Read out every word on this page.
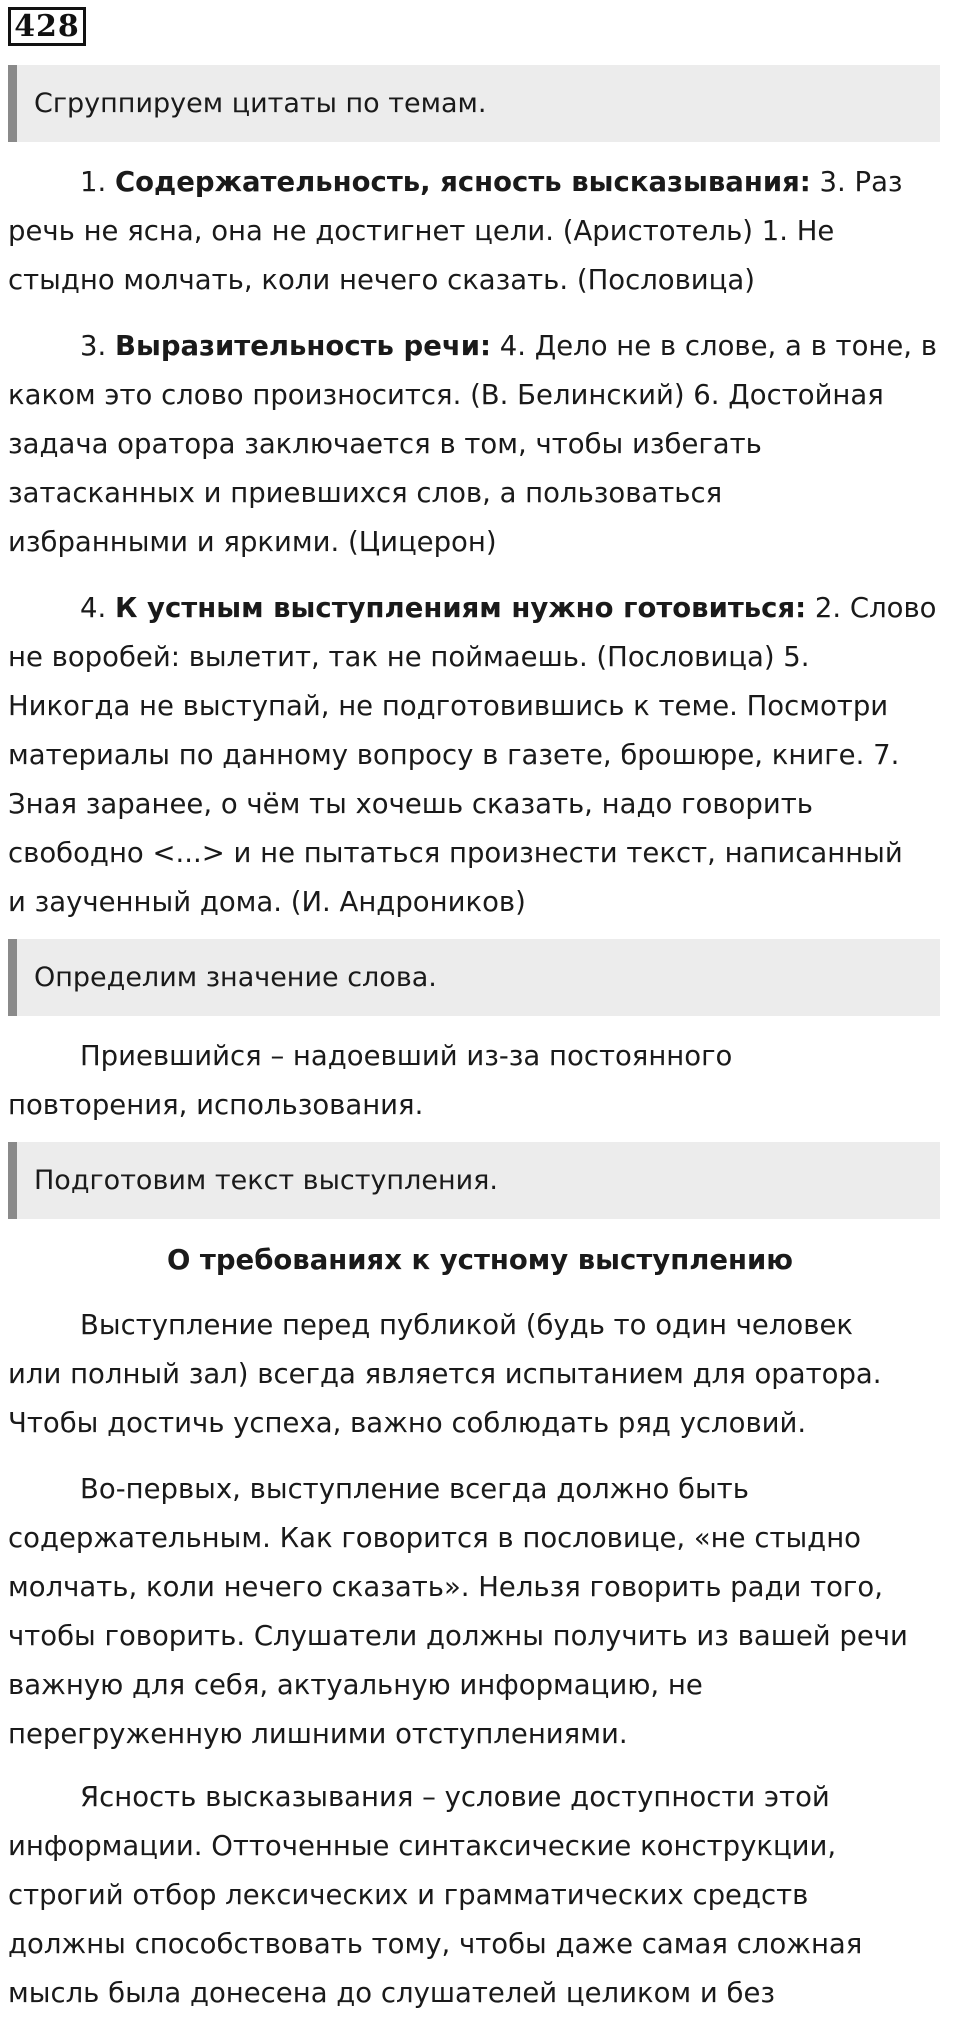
428
Сгруппируем цитаты по темам.
1. Содержательность, ясность высказывания: 3. Раз
речь не ясна, она не достигнет цели. (Аристотель) 1. Не
стыдно молчать, коли нечего сказать. (Пословица)
3. Выразительность речи: 4. Дело не в слове, а в тоне, в
каком это слово произносится. (В. Белинский) 6. Достойная
задача оратора заключается в том, чтобы избегать
затасканных и приевшихся слов, а пользоваться
избранными и яркими. (Цицерон)
4. К устным выступлениям нужно готовиться: 2. Слово
не воробей: вылетит, так не поймаешь. (Пословица) 5.
Никогда не выступай, не подготовившись к теме. Посмотри
материалы по данному вопросу в газете, брошюре, книге. 7.
Зная заранее, о чём ты хочешь сказать, надо говорить
свободно <...> и не пытаться произнести текст, написанный
и заученный дома. (И. Андроников)
Определим значение слова.
Приевшийся – надоевший из-за постоянного
повторения, использования.
Подготовим текст выступления.
О требованиях к устному выступлению
Выступление перед публикой (будь то один человек
или полный зал) всегда является испытанием для оратора.
Чтобы достичь успеха, важно соблюдать ряд условий.
Во-первых, выступление всегда должно быть
содержательным. Как говорится в пословице, «не стыдно
молчать, коли нечего сказать». Нельзя говорить ради того,
чтобы говорить. Слушатели должны получить из вашей речи
важную для себя, актуальную информацию, не
перегруженную лишними отступлениями.
Ясность высказывания – условие доступности этой
информации. Отточенные синтаксические конструкции,
строгий отбор лексических и грамматических средств
должны способствовать тому, чтобы даже самая сложная
мысль была донесена до слушателей целиком и без
